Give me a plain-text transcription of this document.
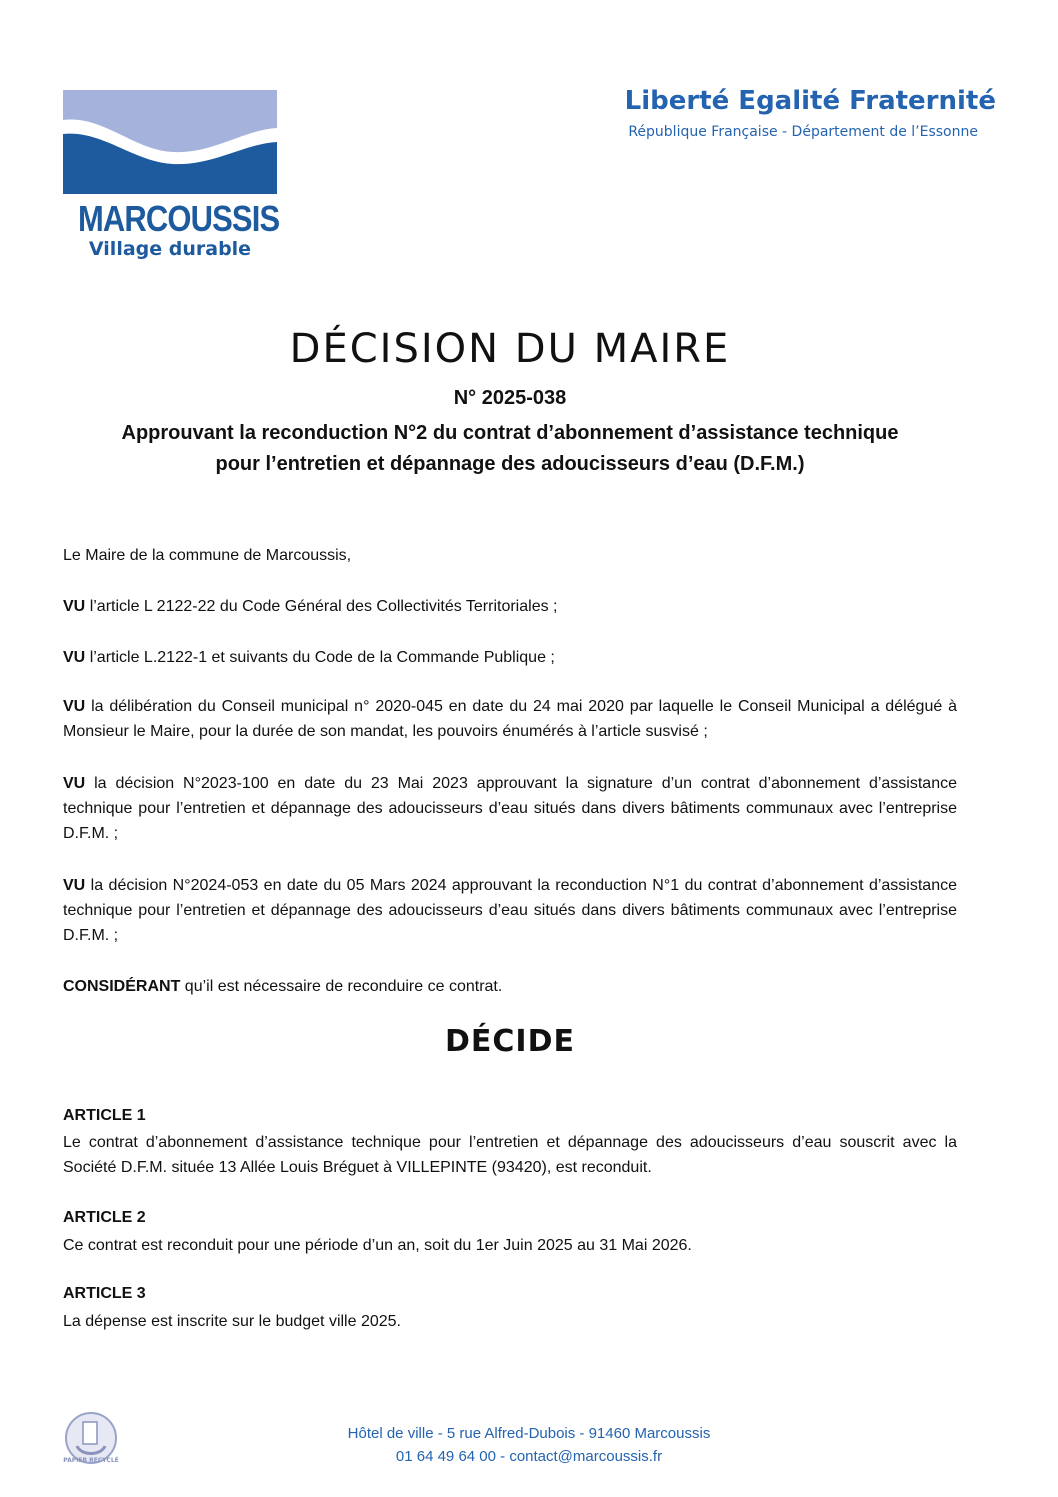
MARCOUSSIS
Village durable
Liberté Egalité Fraternité
République Française - Département de l’Essonne
DÉCISION DU MAIRE
N° 2025-038
Approuvant la reconduction N°2 du contrat d’abonnement d’assistance technique
pour l’entretien et dépannage des adoucisseurs d’eau (D.F.M.)
Le Maire de la commune de Marcoussis,
VU l’article L 2122-22 du Code Général des Collectivités Territoriales ;
VU l’article L.2122-1 et suivants du Code de la Commande Publique ;
VU la délibération du Conseil municipal n° 2020-045 en date du 24 mai 2020 par laquelle le Conseil Municipal a délégué à Monsieur le Maire, pour la durée de son mandat, les pouvoirs énumérés à l’article susvisé ;
VU la décision N°2023-100 en date du 23 Mai 2023 approuvant la signature d’un contrat d’abonnement d’assistance technique pour l’entretien et dépannage des adoucisseurs d’eau situés dans divers bâtiments communaux avec l’entreprise D.F.M. ;
VU la décision N°2024-053 en date du 05 Mars 2024 approuvant la reconduction N°1 du contrat d’abonnement d’assistance technique pour l’entretien et dépannage des adoucisseurs d’eau situés dans divers bâtiments communaux avec l’entreprise D.F.M. ;
CONSIDÉRANT qu’il est nécessaire de reconduire ce contrat.
DÉCIDE
ARTICLE 1
Le contrat d’abonnement d’assistance technique pour l’entretien et dépannage des adoucisseurs d’eau souscrit avec la Société D.F.M. située 13 Allée Louis Bréguet à VILLEPINTE (93420), est reconduit.
ARTICLE 2
Ce contrat est reconduit pour une période d’un an, soit du 1er Juin 2025 au 31 Mai 2026.
ARTICLE 3
La dépense est inscrite sur le budget ville 2025.
PAPIER RECYCLÉ
Hôtel de ville - 5 rue Alfred-Dubois - 91460 Marcoussis
01 64 49 64 00 - contact@marcoussis.fr
